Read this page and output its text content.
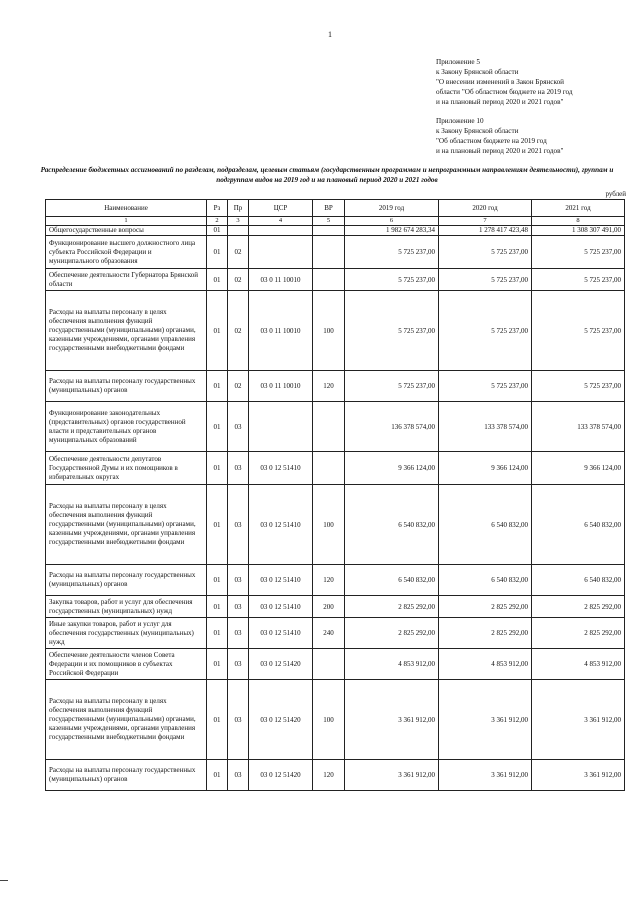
1
Приложение 5
к Закону Брянской области
"О внесении изменений в Закон Брянской
области "Об областном бюджете на 2019 год
и на плановый период 2020 и 2021 годов"
Приложение 10
к Закону Брянской области
"Об областном бюджете на 2019 год
и на плановый период 2020 и 2021 годов"
Распределение бюджетных ассигнований по разделам, подразделам, целевым статьям (государственным программам и непрограммным направлениям деятельности), группам и подгруппам видов на 2019 год и на плановый период 2020 и 2021 годов
рублей
Наименование	Рз	Пр	ЦСР	ВР	2019 год	2020 год	2021 год
1	2	3	4	5	6	7	8
Общегосударственные вопросы	01				1 982 674 283,34	1 278 417 423,48	1 308 307 491,00
Функционирование высшего должностного лица субъекта Российской Федерации и муниципального образования	01	02			5 725 237,00	5 725 237,00	5 725 237,00
Обеспечение деятельности Губернатора Брянской области	01	02	03 0 11 10010		5 725 237,00	5 725 237,00	5 725 237,00
Расходы на выплаты персоналу в целях обеспечения выполнения функций государственными (муниципальными) органами, казенными учреждениями, органами управления государственными внебюджетными фондами	01	02	03 0 11 10010	100	5 725 237,00	5 725 237,00	5 725 237,00
Расходы на выплаты персоналу государственных (муниципальных) органов	01	02	03 0 11 10010	120	5 725 237,00	5 725 237,00	5 725 237,00
Функционирование законодательных (представительных) органов государственной власти и представительных органов муниципальных образований	01	03			136 378 574,00	133 378 574,00	133 378 574,00
Обеспечение деятельности депутатов Государственной Думы и их помощников в избирательных округах	01	03	03 0 12 51410		9 366 124,00	9 366 124,00	9 366 124,00
Расходы на выплаты персоналу в целях обеспечения выполнения функций государственными (муниципальными) органами, казенными учреждениями, органами управления государственными внебюджетными фондами	01	03	03 0 12 51410	100	6 540 832,00	6 540 832,00	6 540 832,00
Расходы на выплаты персоналу государственных (муниципальных) органов	01	03	03 0 12 51410	120	6 540 832,00	6 540 832,00	6 540 832,00
Закупка товаров, работ и услуг для обеспечения государственных (муниципальных) нужд	01	03	03 0 12 51410	200	2 825 292,00	2 825 292,00	2 825 292,00
Иные закупки товаров, работ и услуг для обеспечения государственных (муниципальных) нужд	01	03	03 0 12 51410	240	2 825 292,00	2 825 292,00	2 825 292,00
Обеспечение деятельности членов Совета Федерации и их помощников в субъектах Российской Федерации	01	03	03 0 12 51420		4 853 912,00	4 853 912,00	4 853 912,00
Расходы на выплаты персоналу в целях обеспечения выполнения функций государственными (муниципальными) органами, казенными учреждениями, органами управления государственными внебюджетными фондами	01	03	03 0 12 51420	100	3 361 912,00	3 361 912,00	3 361 912,00
Расходы на выплаты персоналу государственных (муниципальных) органов	01	03	03 0 12 51420	120	3 361 912,00	3 361 912,00	3 361 912,00
